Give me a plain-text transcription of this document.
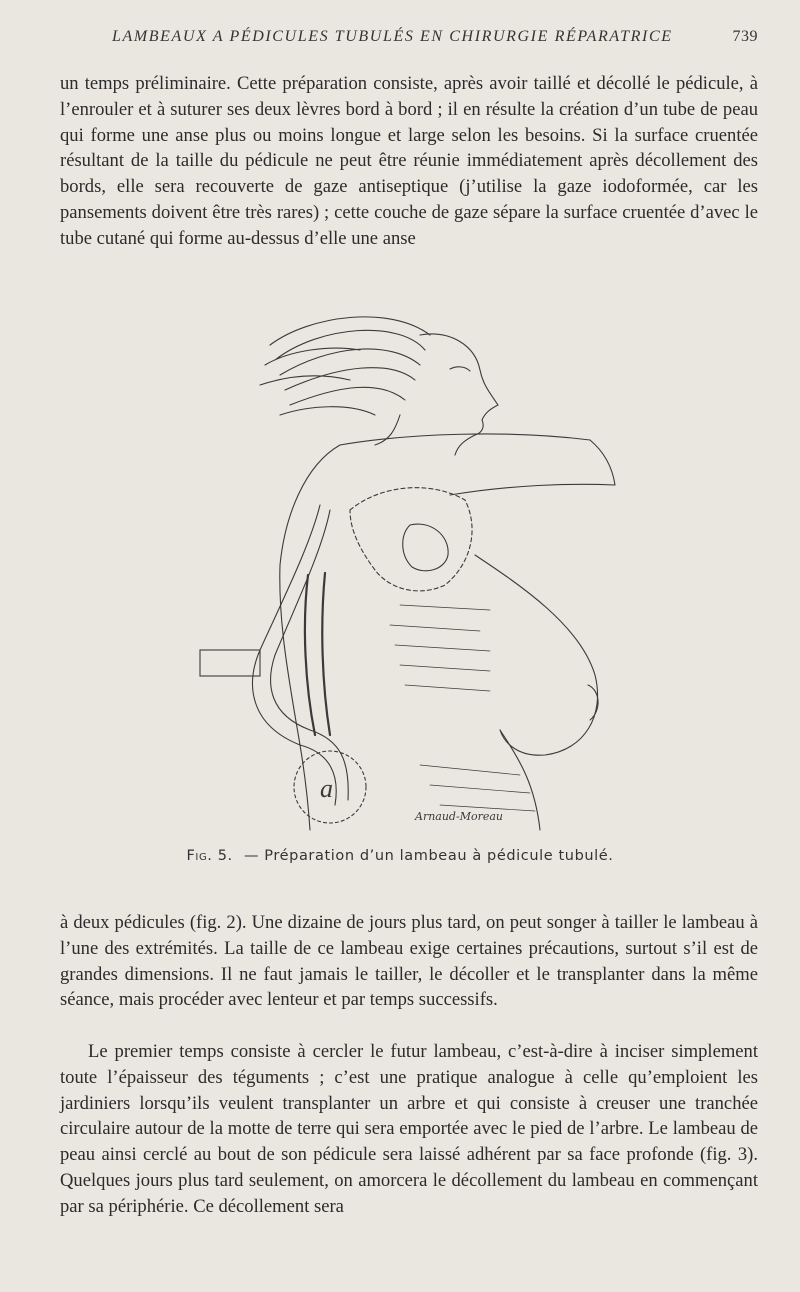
LAMBEAUX A PÉDICULES TUBULÉS EN CHIRURGIE RÉPARATRICE	739

un temps préliminaire. Cette préparation consiste, après avoir taillé et décollé le pédicule, à l’enrouler et à suturer ses deux lèvres bord à bord ; il en résulte la création d’un tube de peau qui forme une anse plus ou moins longue et large selon les besoins. Si la surface cruentée résultant de la taille du pédicule ne peut être réunie immédiatement après décollement des bords, elle sera recouverte de gaze antiseptique (j’utilise la gaze iodoformée, car les pansements doivent être très rares) ; cette couche de gaze sépare la surface cruentée d’avec le tube cutané qui forme au-dessus d’elle une anse

a
Arnaud-Moreau
Fig. 5. — Préparation d’un lambeau à pédicule tubulé.

à deux pédicules (fig. 2). Une dizaine de jours plus tard, on peut songer à tailler le lambeau à l’une des extrémités. La taille de ce lambeau exige certaines précautions, surtout s’il est de grandes dimensions. Il ne faut jamais le tailler, le décoller et le transplanter dans la même séance, mais procéder avec lenteur et par temps successifs.

Le premier temps consiste à cercler le futur lambeau, c’est-à-dire à inciser simplement toute l’épaisseur des téguments ; c’est une pratique analogue à celle qu’emploient les jardiniers lorsqu’ils veulent transplanter un arbre et qui consiste à creuser une tranchée circulaire autour de la motte de terre qui sera emportée avec le pied de l’arbre. Le lambeau de peau ainsi cerclé au bout de son pédicule sera laissé adhérent par sa face profonde (fig. 3). Quelques jours plus tard seulement, on amorcera le décollement du lambeau en commençant par sa périphérie. Ce décollement sera
